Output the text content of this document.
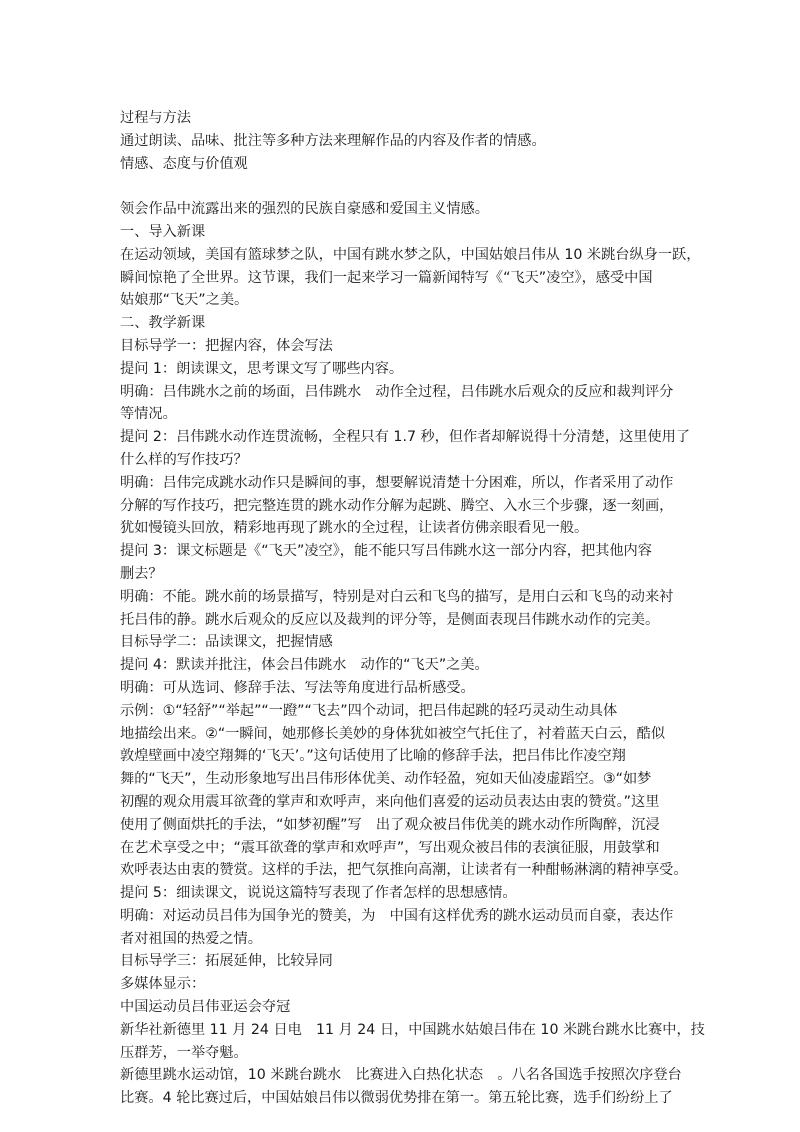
过程与方法
通过朗读、品味、批注等多种方法来理解作品的内容及作者的情感。
情感、态度与价值观
领会作品中流露出来的强烈的民族自豪感和爱国主义情感。
一、导入新课
在运动领域，美国有篮球梦之队，中国有跳水梦之队，中国姑娘吕伟从 10 米跳台纵身一跃，
瞬间惊艳了全世界。这节课，我们一起来学习一篇新闻特写《“飞天”凌空》，感受中国
姑娘那“飞天”之美。
二、教学新课
目标导学一：把握内容，体会写法
提问 1：朗读课文，思考课文写了哪些内容。
明确：吕伟跳水之前的场面，吕伟跳水　动作全过程，吕伟跳水后观众的反应和裁判评分
等情况。
提问 2：吕伟跳水动作连贯流畅，全程只有 1.7 秒，但作者却解说得十分清楚，这里使用了
什么样的写作技巧？
明确：吕伟完成跳水动作只是瞬间的事，想要解说清楚十分困难，所以，作者采用了动作
分解的写作技巧，把完整连贯的跳水动作分解为起跳、腾空、入水三个步骤，逐一刻画，
犹如慢镜头回放，精彩地再现了跳水的全过程，让读者仿佛亲眼看见一般。
提问 3：课文标题是《“飞天”凌空》，能不能只写吕伟跳水这一部分内容，把其他内容
删去？
明确：不能。跳水前的场景描写，特别是对白云和飞鸟的描写，是用白云和飞鸟的动来衬
托吕伟的静。跳水后观众的反应以及裁判的评分等，是侧面表现吕伟跳水动作的完美。
目标导学二：品读课文，把握情感
提问 4：默读并批注，体会吕伟跳水　动作的“飞天”之美。
明确：可从选词、修辞手法、写法等角度进行品析感受。
示例：①“轻舒”“举起”“一蹬”“飞去”四个动词，把吕伟起跳的轻巧灵动生动具体
地描绘出来。②“一瞬间，她那修长美妙的身体犹如被空气托住了，衬着蓝天白云，酷似
敦煌壁画中凌空翔舞的‘飞天’。”这句话使用了比喻的修辞手法，把吕伟比作凌空翔
舞的“飞天”，生动形象地写出吕伟形体优美、动作轻盈，宛如天仙凌虚蹈空。③“如梦
初醒的观众用震耳欲聋的掌声和欢呼声，来向他们喜爱的运动员表达由衷的赞赏。”这里
使用了侧面烘托的手法，“如梦初醒”写　出了观众被吕伟优美的跳水动作所陶醉，沉浸
在艺术享受之中；“震耳欲聋的掌声和欢呼声”，写出观众被吕伟的表演征服，用鼓掌和
欢呼表达由衷的赞赏。这样的手法，把气氛推向高潮，让读者有一种酣畅淋漓的精神享受。
提问 5：细读课文，说说这篇特写表现了作者怎样的思想感情。
明确：对运动员吕伟为国争光的赞美，为　中国有这样优秀的跳水运动员而自豪，表达作
者对祖国的热爱之情。
目标导学三：拓展延伸，比较异同
多媒体显示：
中国运动员吕伟亚运会夺冠
新华社新德里 11 月 24 日电　11 月 24 日，中国跳水姑娘吕伟在 10 米跳台跳水比赛中，技
压群芳，一举夺魁。
新德里跳水运动馆，10 米跳台跳水　比赛进入白热化状态　。八名各国选手按照次序登台
比赛。4 轮比赛过后，中国姑娘吕伟以微弱优势排在第一。第五轮比赛，选手们纷纷上了
